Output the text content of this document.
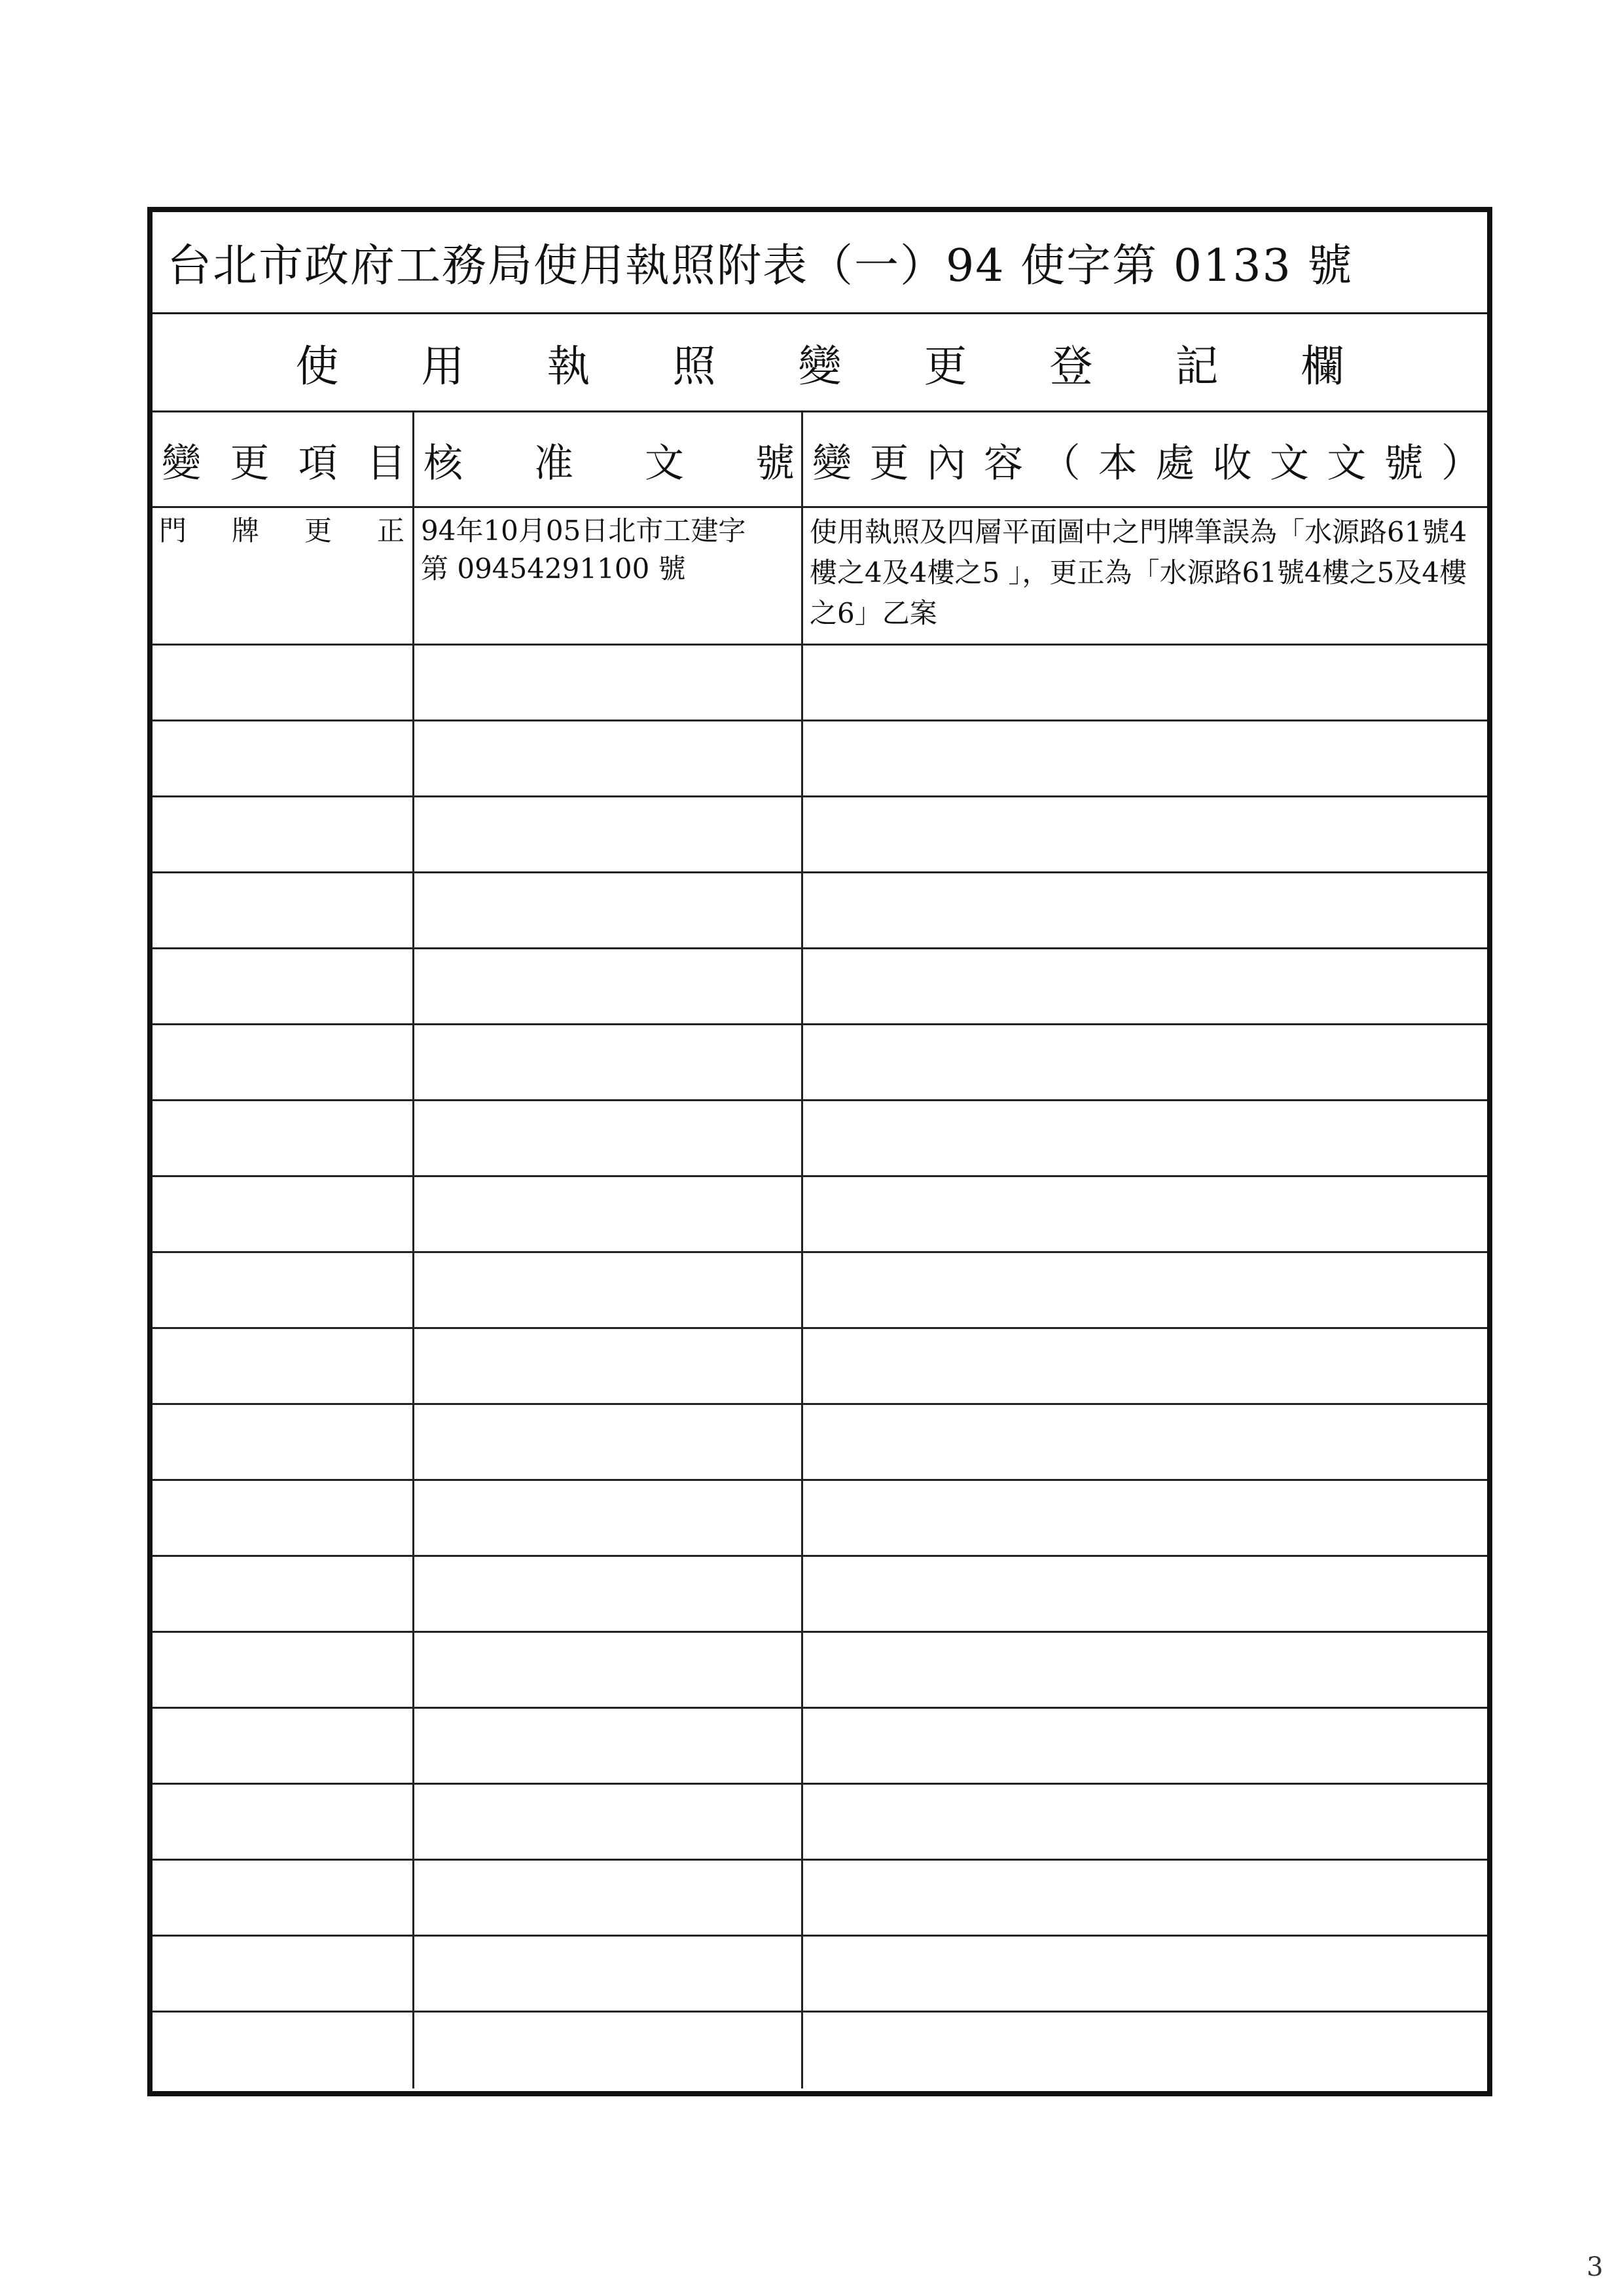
台北市政府工務局使用執照附表（一）94 使字第 0133 號
使用執照變更登記欄
變 更 項 目 核 准 文 號 變 更 內 容 （ 本 處 收 文 文 號 ）
門 牌 更 正 94年10月05日北市工建字
第 09454291100 號
使用執照及四層平面圖中之門牌筆誤為「水源路61號4樓之4及4樓之5 」，更正為「水源路61號4樓之5及4樓之6」乙案
3
